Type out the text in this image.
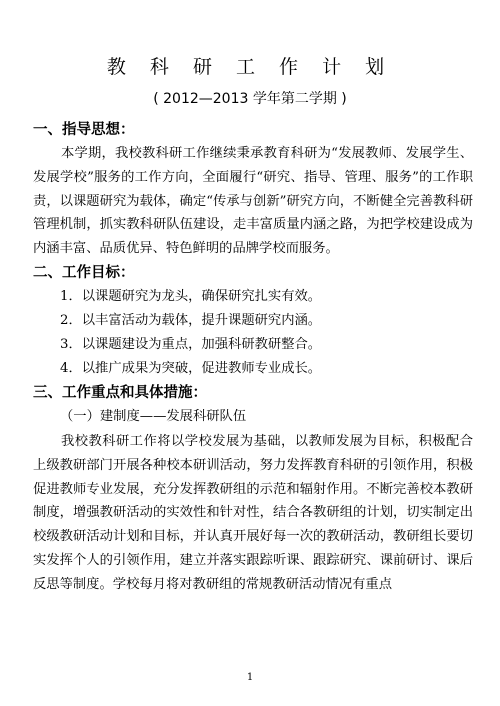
教 科 研 工 作 计 划
( 2012—2013 学年第二学期 )
一、指导思想：
本学期，我校教科研工作继续秉承教育科研为“发展教师、发展学生、发展学校”服务的工作方向，全面履行“研究、指导、管理、服务”的工作职责，以课题研究为载体，确定“传承与创新”研究方向，不断健全完善教科研管理机制，抓实教科研队伍建设，走丰富质量内涵之路，为把学校建设成为内涵丰富、品质优异、特色鲜明的品牌学校而服务。
二、工作目标：
1．以课题研究为龙头，确保研究扎实有效。
2．以丰富活动为载体，提升课题研究内涵。
3．以课题建设为重点，加强科研教研整合。
4．以推广成果为突破，促进教师专业成长。
三、工作重点和具体措施：
（一）建制度——发展科研队伍
我校教科研工作将以学校发展为基础，以教师发展为目标，积极配合上级教研部门开展各种校本研训活动，努力发挥教育科研的引领作用，积极促进教师专业发展，充分发挥教研组的示范和辐射作用。不断完善校本教研制度，增强教研活动的实效性和针对性，结合各教研组的计划，切实制定出校级教研活动计划和目标，并认真开展好每一次的教研活动，教研组长要切实发挥个人的引领作用，建立并落实跟踪听课、跟踪研究、课前研讨、课后反思等制度。学校每月将对教研组的常规教研活动情况有重点
1
